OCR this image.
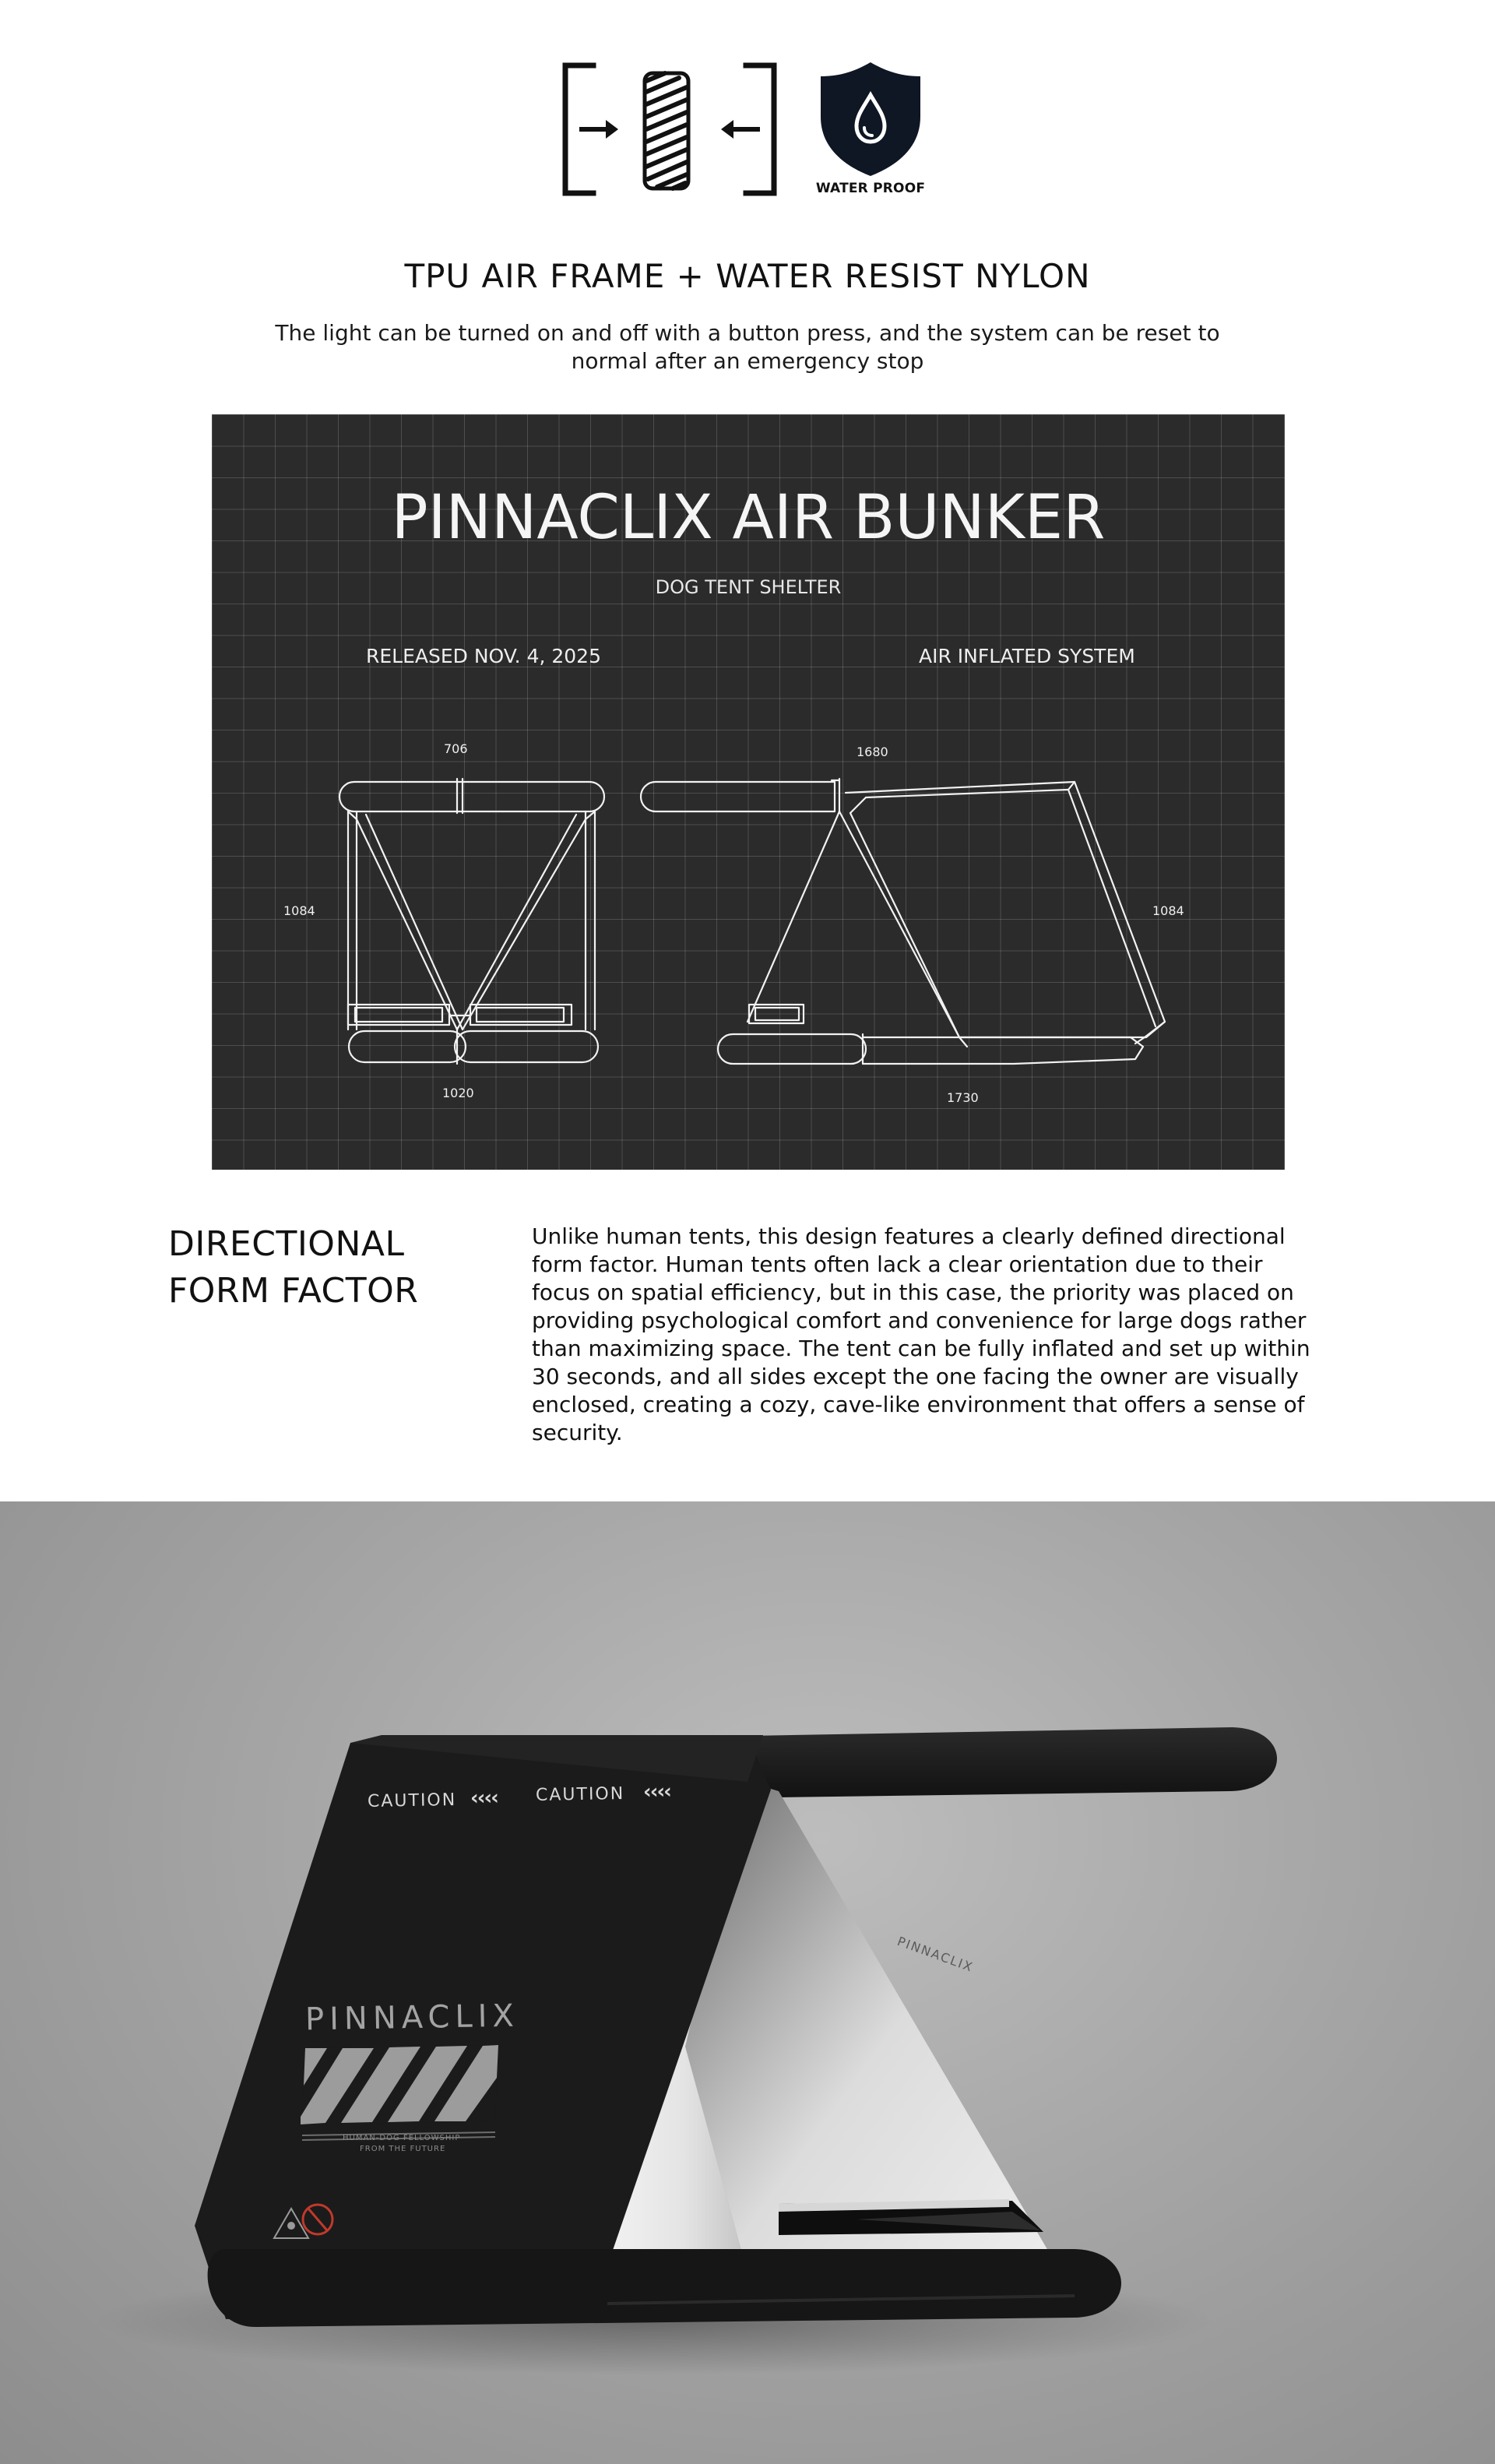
WATER PROOF
TPU AIR FRAME + WATER RESIST NYLON
The light can be turned on and off with a button press, and the system can be reset to normal after an emergency stop
PINNACLIX AIR BUNKER
DOG TENT SHELTER
RELEASED NOV. 4, 2025	AIR INFLATED SYSTEM
706
1084
1020
1680
1084
1730
DIRECTIONAL
FORM FACTOR
Unlike human tents, this design features a clearly defined directional form factor. Human tents often lack a clear orientation due to their focus on spatial efficiency, but in this case, the priority was placed on providing psychological comfort and convenience for large dogs rather than maximizing space. The tent can be fully inflated and set up within 30 seconds, and all sides except the one facing the owner are visually enclosed, creating a cozy, cave-like environment that offers a sense of security.
CAUTION ‹‹‹‹ CAUTION ‹‹‹‹
PINNACLIX
HUMAN-DOG FELLOWSHIP
FROM THE FUTURE
PINNACLIX
